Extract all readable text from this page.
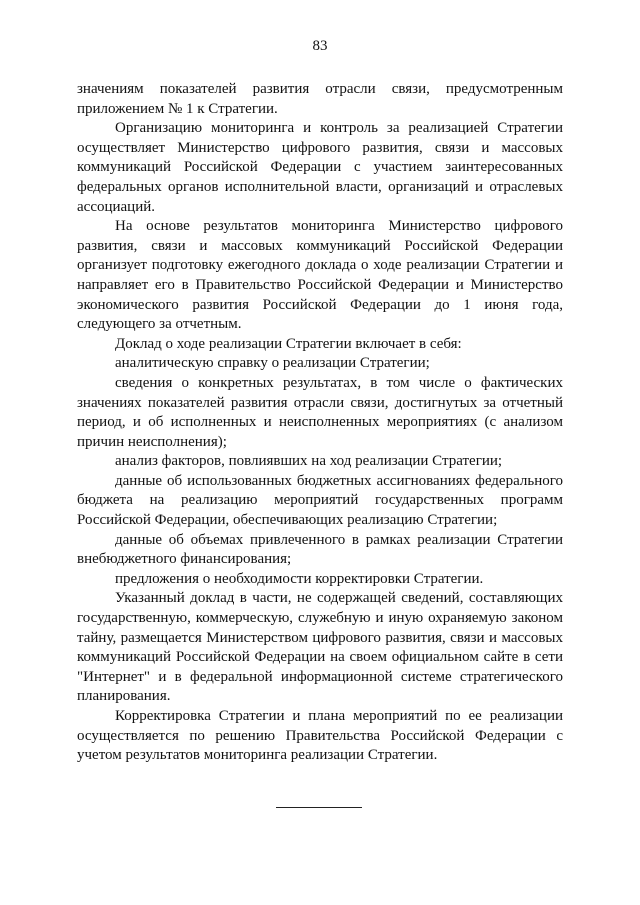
83

значениям показателей развития отрасли связи, предусмотренным приложением № 1 к Стратегии.

Организацию мониторинга и контроль за реализацией Стратегии осуществляет Министерство цифрового развития, связи и массовых коммуникаций Российской Федерации с участием заинтересованных федеральных органов исполнительной власти, организаций и отраслевых ассоциаций.

На основе результатов мониторинга Министерство цифрового развития, связи и массовых коммуникаций Российской Федерации организует подготовку ежегодного доклада о ходе реализации Стратегии и направляет его в Правительство Российской Федерации и Министерство экономического развития Российской Федерации до 1 июня года, следующего за отчетным.

Доклад о ходе реализации Стратегии включает в себя:

аналитическую справку о реализации Стратегии;

сведения о конкретных результатах, в том числе о фактических значениях показателей развития отрасли связи, достигнутых за отчетный период, и об исполненных и неисполненных мероприятиях (с анализом причин неисполнения);

анализ факторов, повлиявших на ход реализации Стратегии;

данные об использованных бюджетных ассигнованиях федерального бюджета на реализацию мероприятий государственных программ Российской Федерации, обеспечивающих реализацию Стратегии;

данные об объемах привлеченного в рамках реализации Стратегии внебюджетного финансирования;

предложения о необходимости корректировки Стратегии.

Указанный доклад в части, не содержащей сведений, составляющих государственную, коммерческую, служебную и иную охраняемую законом тайну, размещается Министерством цифрового развития, связи и массовых коммуникаций Российской Федерации на своем официальном сайте в сети "Интернет" и в федеральной информационной системе стратегического планирования.

Корректировка Стратегии и плана мероприятий по ее реализации осуществляется по решению Правительства Российской Федерации с учетом результатов мониторинга реализации Стратегии.
